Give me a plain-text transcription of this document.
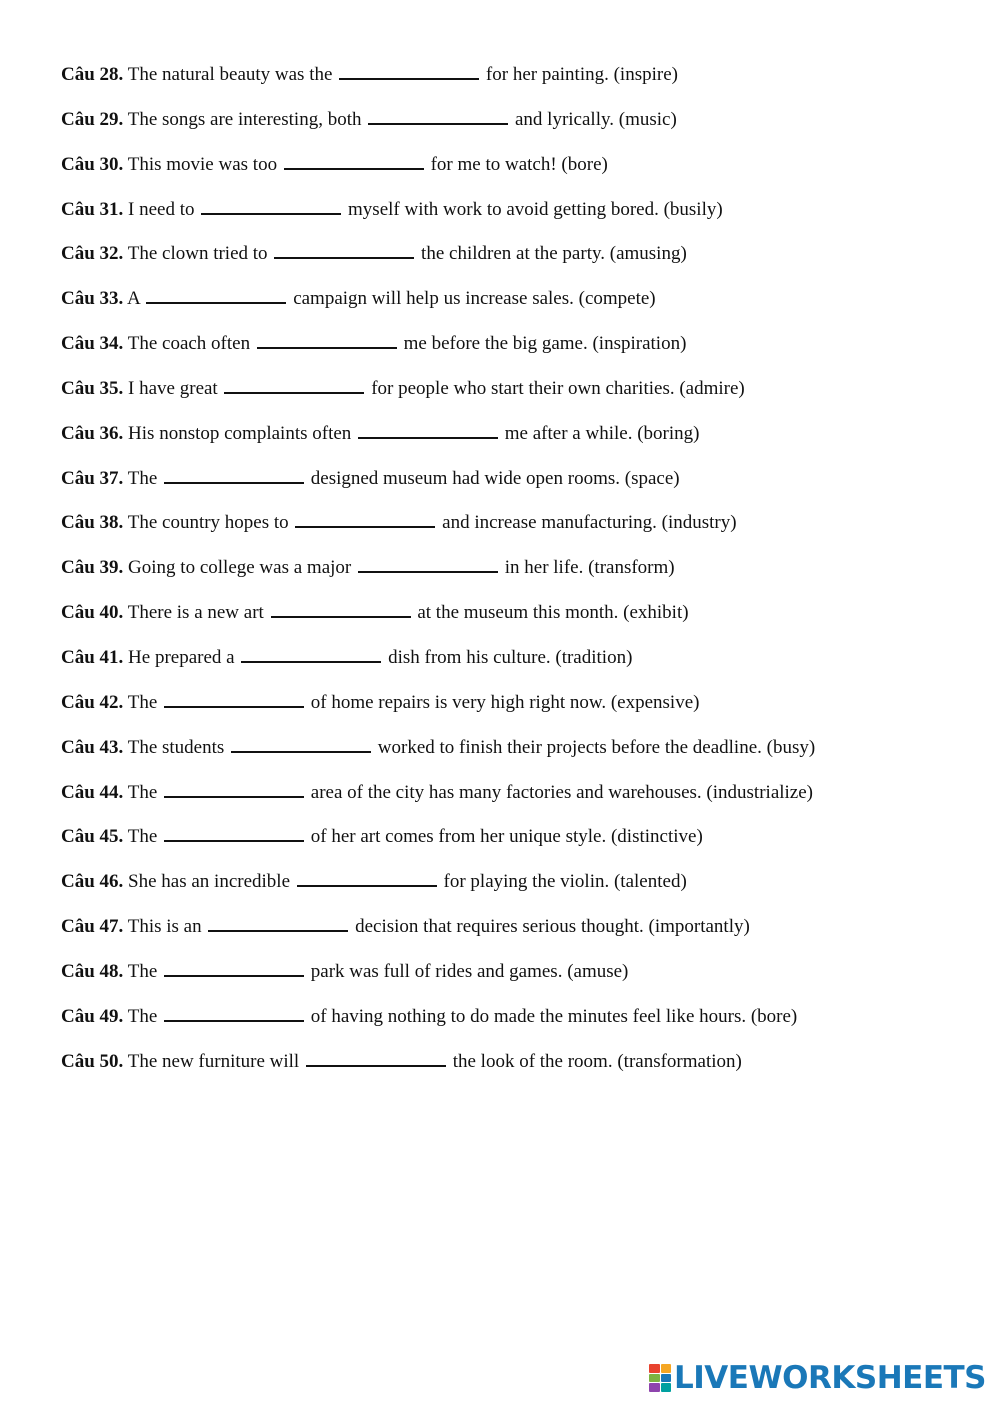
Câu 28. The natural beauty was the	for her painting. (inspire)
Câu 29. The songs are interesting, both	and lyrically. (music)
Câu 30. This movie was too	for me to watch! (bore)
Câu 31. I need to	myself with work to avoid getting bored. (busily)
Câu 32. The clown tried to	the children at the party. (amusing)
Câu 33. A	campaign will help us increase sales. (compete)
Câu 34. The coach often	me before the big game. (inspiration)
Câu 35. I have great	for people who start their own charities. (admire)
Câu 36. His nonstop complaints often	me after a while. (boring)
Câu 37. The	designed museum had wide open rooms. (space)
Câu 38. The country hopes to	and increase manufacturing. (industry)
Câu 39. Going to college was a major	in her life. (transform)
Câu 40. There is a new art	at the museum this month. (exhibit)
Câu 41. He prepared a	dish from his culture. (tradition)
Câu 42. The	of home repairs is very high right now. (expensive)
Câu 43. The students	worked to finish their projects before the deadline. (busy)
Câu 44. The	area of the city has many factories and warehouses. (industrialize)
Câu 45. The	of her art comes from her unique style. (distinctive)
Câu 46. She has an incredible	for playing the violin. (talented)
Câu 47. This is an	decision that requires serious thought. (importantly)
Câu 48. The	park was full of rides and games. (amuse)
Câu 49. The	of having nothing to do made the minutes feel like hours. (bore)
Câu 50. The new furniture will	the look of the room. (transformation)
LIVEWORKSHEETS
